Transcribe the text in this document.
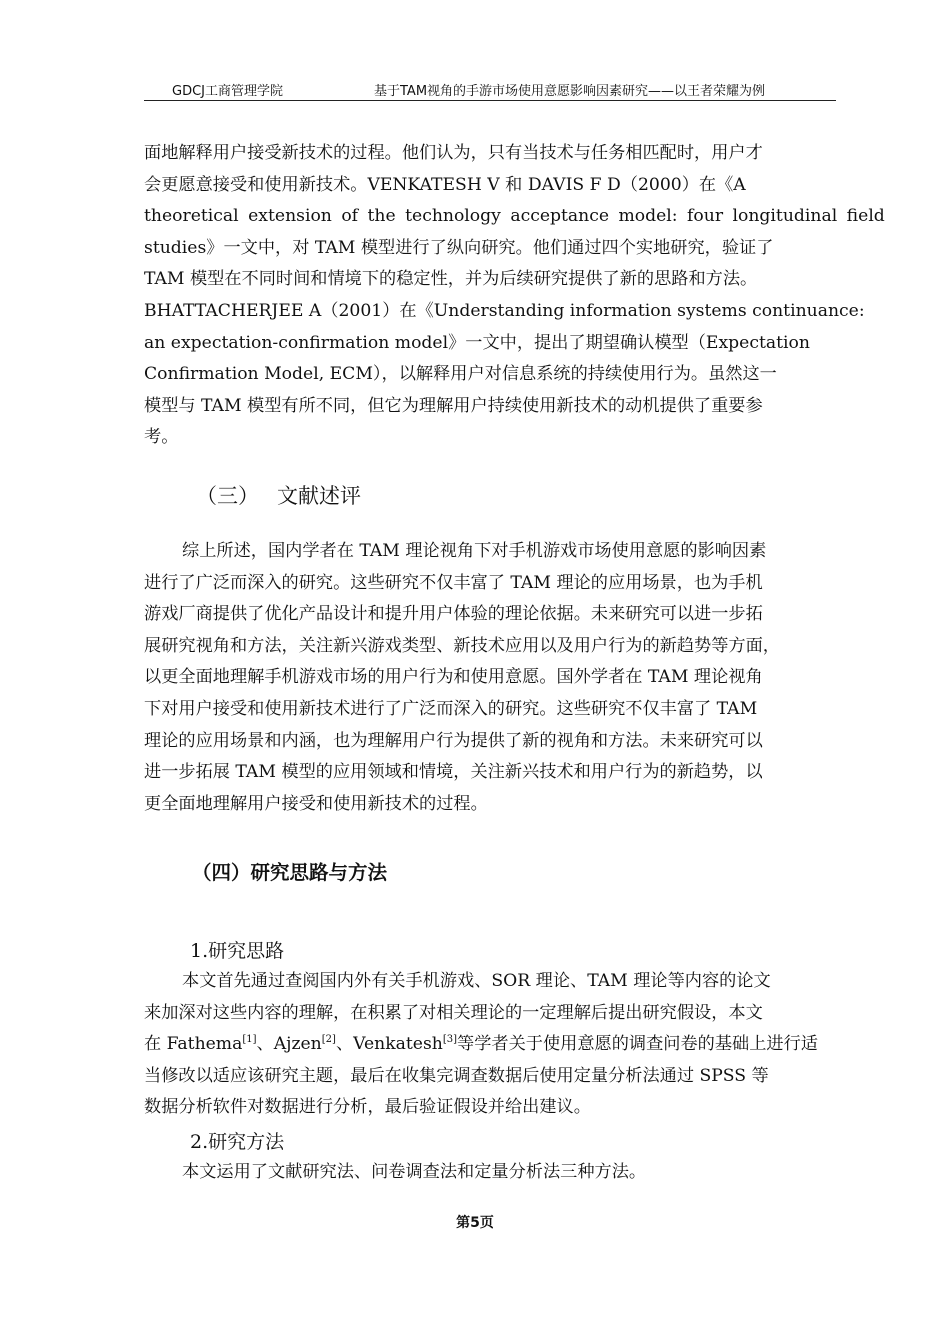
GDCJ工商管理学院	基于TAM视角的手游市场使用意愿影响因素研究——以王者荣耀为例
面地解释用户接受新技术的过程。他们认为，只有当技术与任务相匹配时，用户才
会更愿意接受和使用新技术。VENKATESH V 和 DAVIS F D（2000）在《A
theoretical extension of the technology acceptance model: four longitudinal field
studies》一文中，对 TAM 模型进行了纵向研究。他们通过四个实地研究，验证了
TAM 模型在不同时间和情境下的稳定性，并为后续研究提供了新的思路和方法。
BHATTACHERJEE A（2001）在《Understanding information systems continuance:
an expectation-confirmation model》一文中，提出了期望确认模型（Expectation
Confirmation Model, ECM），以解释用户对信息系统的持续使用行为。虽然这一
模型与 TAM 模型有所不同，但它为理解用户持续使用新技术的动机提供了重要参
考。
（三） 文献述评
综上所述，国内学者在 TAM 理论视角下对手机游戏市场使用意愿的影响因素
进行了广泛而深入的研究。这些研究不仅丰富了 TAM 理论的应用场景，也为手机
游戏厂商提供了优化产品设计和提升用户体验的理论依据。未来研究可以进一步拓
展研究视角和方法，关注新兴游戏类型、新技术应用以及用户行为的新趋势等方面，
以更全面地理解手机游戏市场的用户行为和使用意愿。国外学者在 TAM 理论视角
下对用户接受和使用新技术进行了广泛而深入的研究。这些研究不仅丰富了 TAM
理论的应用场景和内涵，也为理解用户行为提供了新的视角和方法。未来研究可以
进一步拓展 TAM 模型的应用领域和情境，关注新兴技术和用户行为的新趋势，以
更全面地理解用户接受和使用新技术的过程。
（四）研究思路与方法
1.研究思路
本文首先通过查阅国内外有关手机游戏、SOR 理论、TAM 理论等内容的论文
来加深对这些内容的理解，在积累了对相关理论的一定理解后提出研究假设，本文
在 Fathema[1]、Ajzen[2]、Venkatesh[3]等学者关于使用意愿的调查问卷的基础上进行适
当修改以适应该研究主题，最后在收集完调查数据后使用定量分析法通过 SPSS 等
数据分析软件对数据进行分析，最后验证假设并给出建议。
2.研究方法
本文运用了文献研究法、问卷调查法和定量分析法三种方法。
第5页
